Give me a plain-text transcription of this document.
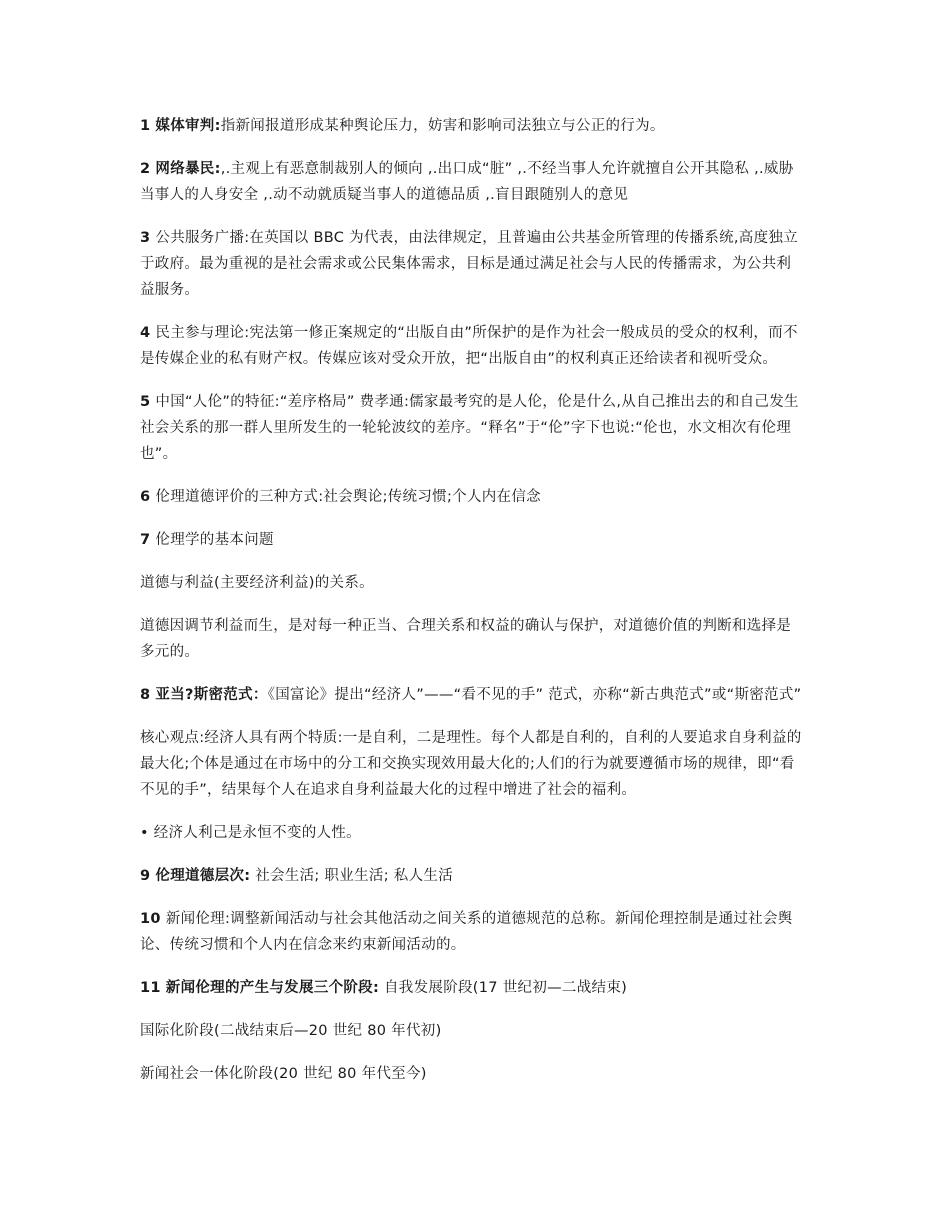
1 媒体审判:指新闻报道形成某种舆论压力，妨害和影响司法独立与公正的行为。

2 网络暴民:,.主观上有恶意制裁别人的倾向 ,.出口成“脏” ,.不经当事人允许就擅自公开其隐私 ,.威胁当事人的人身安全 ,.动不动就质疑当事人的道德品质 ,.盲目跟随别人的意见

3 公共服务广播:在英国以 BBC 为代表，由法律规定，且普遍由公共基金所管理的传播系统,高度独立于政府。最为重视的是社会需求或公民集体需求，目标是通过满足社会与人民的传播需求，为公共利益服务。

4 民主参与理论:宪法第一修正案规定的“出版自由”所保护的是作为社会一般成员的受众的权利，而不是传媒企业的私有财产权。传媒应该对受众开放，把“出版自由”的权利真正还给读者和视听受众。

5 中国“人伦”的特征:“差序格局” 费孝通:儒家最考究的是人伦，伦是什么,从自己推出去的和自己发生社会关系的那一群人里所发生的一轮轮波纹的差序。“释名”于“伦”字下也说:“伦也，水文相次有伦理也”。

6 伦理道德评价的三种方式:社会舆论;传统习惯;个人内在信念

7 伦理学的基本问题

道德与利益(主要经济利益)的关系。

道德因调节利益而生，是对每一种正当、合理关系和权益的确认与保护，对道德价值的判断和选择是多元的。

8 亚当?斯密范式：《国富论》提出“经济人”——“看不见的手” 范式，亦称“新古典范式”或“斯密范式”

核心观点:经济人具有两个特质:一是自利，二是理性。每个人都是自利的，自利的人要追求自身利益的最大化;个体是通过在市场中的分工和交换实现效用最大化的;人们的行为就要遵循市场的规律，即“看不见的手”，结果每个人在追求自身利益最大化的过程中增进了社会的福利。

• 经济人利己是永恒不变的人性。

9 伦理道德层次: 社会生活; 职业生活; 私人生活

10 新闻伦理:调整新闻活动与社会其他活动之间关系的道德规范的总称。新闻伦理控制是通过社会舆论、传统习惯和个人内在信念来约束新闻活动的。

11 新闻伦理的产生与发展三个阶段: 自我发展阶段(17 世纪初—二战结束)

国际化阶段(二战结束后—20 世纪 80 年代初)

新闻社会一体化阶段(20 世纪 80 年代至今)
